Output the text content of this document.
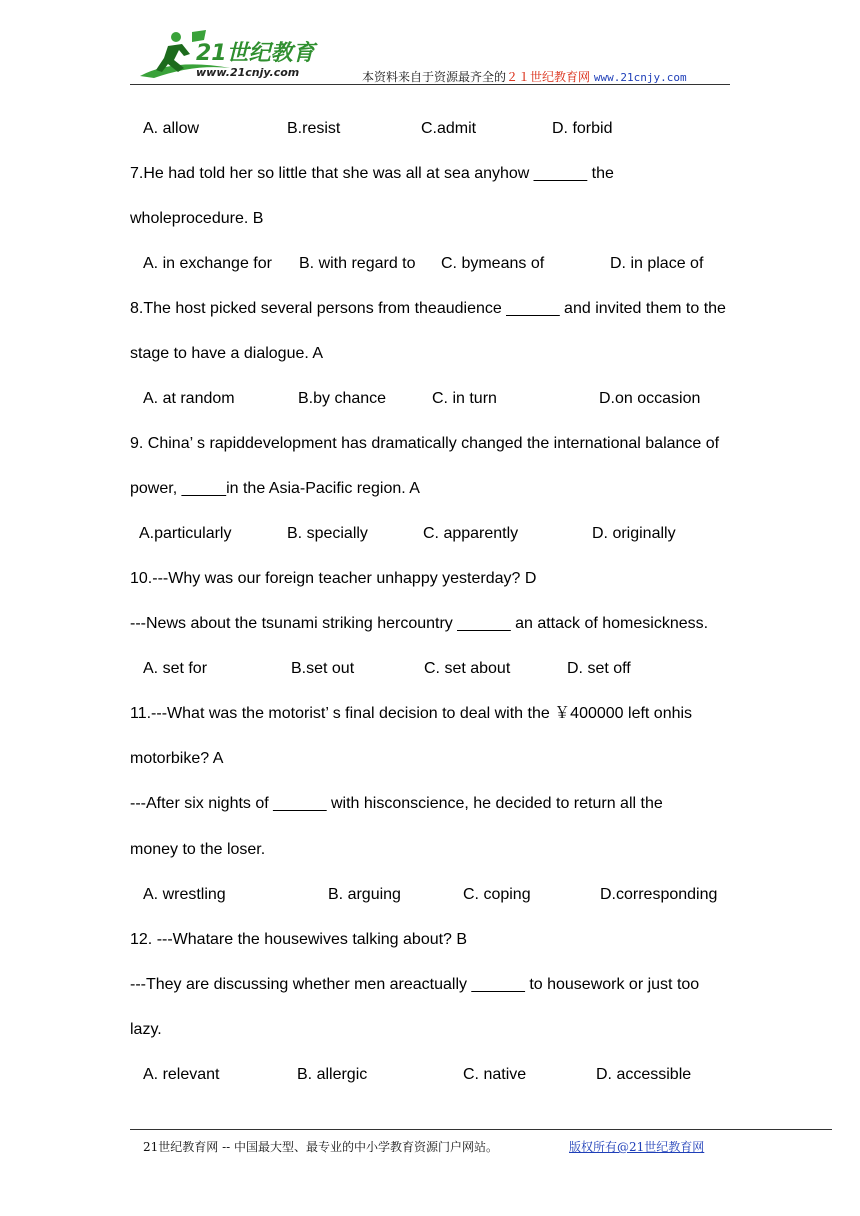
21世纪教育
www.21cnjy.com	本资料来自于资源最齐全的２１世纪教育网 www.21cnjy.com
A. allow	B.resist	C.admit	D. forbid
7.He had told her so little that she was all at sea anyhow ______ the
wholeprocedure. B
A. in exchange for B. with regard to C. bymeans of	D. in place of
8.The host picked several persons from theaudience ______ and invited them to the
stage to have a dialogue. A
A. at random	B.by chance	C. in turn	D.on occasion
9. China’ s rapiddevelopment has dramatically changed the international balance of
power, _____in the Asia-Pacific region. A
A.particularly	B. specially	C. apparently	D. originally
10.---Why was our foreign teacher unhappy yesterday? D
---News about the tsunami striking hercountry ______ an attack of homesickness.
A. set for	B.set out	C. set about	D. set off
11.---What was the motorist’ s final decision to deal with the ￥400000 left onhis
motorbike? A
---After six nights of ______ with hisconscience, he decided to return all the
money to the loser.
A. wrestling	B. arguing	C. coping	D.corresponding
12. ---Whatare the housewives talking about? B
---They are discussing whether men areactually ______ to housework or just too
lazy.
A. relevant	B. allergic	C. native	D. accessible
21世纪教育网 -- 中国最大型、最专业的中小学教育资源门户网站。	版权所有@21世纪教育网
